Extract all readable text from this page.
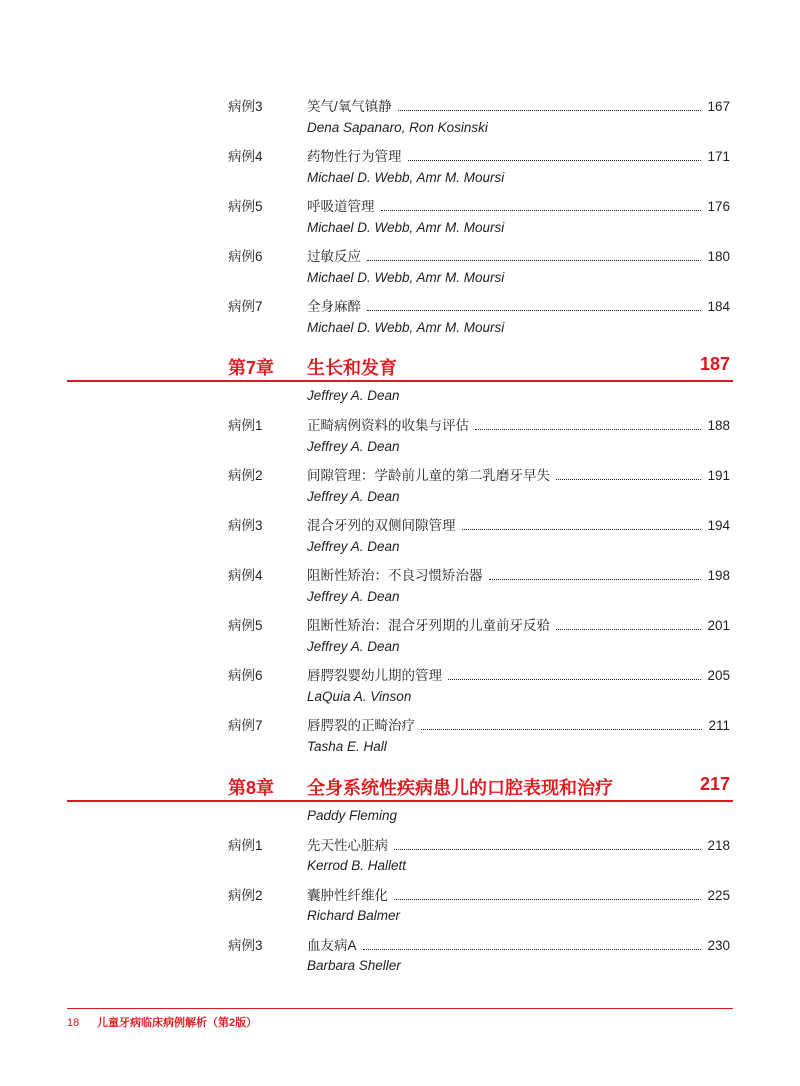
病例3	笑气/氧气镇静	167
Dena Sapanaro, Ron Kosinski
病例4	药物性行为管理	171
Michael D. Webb, Amr M. Moursi
病例5	呼吸道管理	176
Michael D. Webb, Amr M. Moursi
病例6	过敏反应	180
Michael D. Webb, Amr M. Moursi
病例7	全身麻醉	184
Michael D. Webb, Amr M. Moursi
第7章 生长和发育	187
Jeffrey A. Dean
病例1	正畸病例资料的收集与评估	188
Jeffrey A. Dean
病例2	间隙管理：学龄前儿童的第二乳磨牙早失	191
Jeffrey A. Dean
病例3	混合牙列的双侧间隙管理	194
Jeffrey A. Dean
病例4	阻断性矫治：不良习惯矫治器	198
Jeffrey A. Dean
病例5	阻断性矫治：混合牙列期的儿童前牙反𬌗	201
Jeffrey A. Dean
病例6	唇腭裂婴幼儿期的管理	205
LaQuia A. Vinson
病例7	唇腭裂的正畸治疗	211
Tasha E. Hall
第8章 全身系统性疾病患儿的口腔表现和治疗	217
Paddy Fleming
病例1	先天性心脏病	218
Kerrod B. Hallett
病例2	囊肿性纤维化	225
Richard Balmer
病例3	血友病A	230
Barbara Sheller
18 儿童牙病临床病例解析（第2版）
